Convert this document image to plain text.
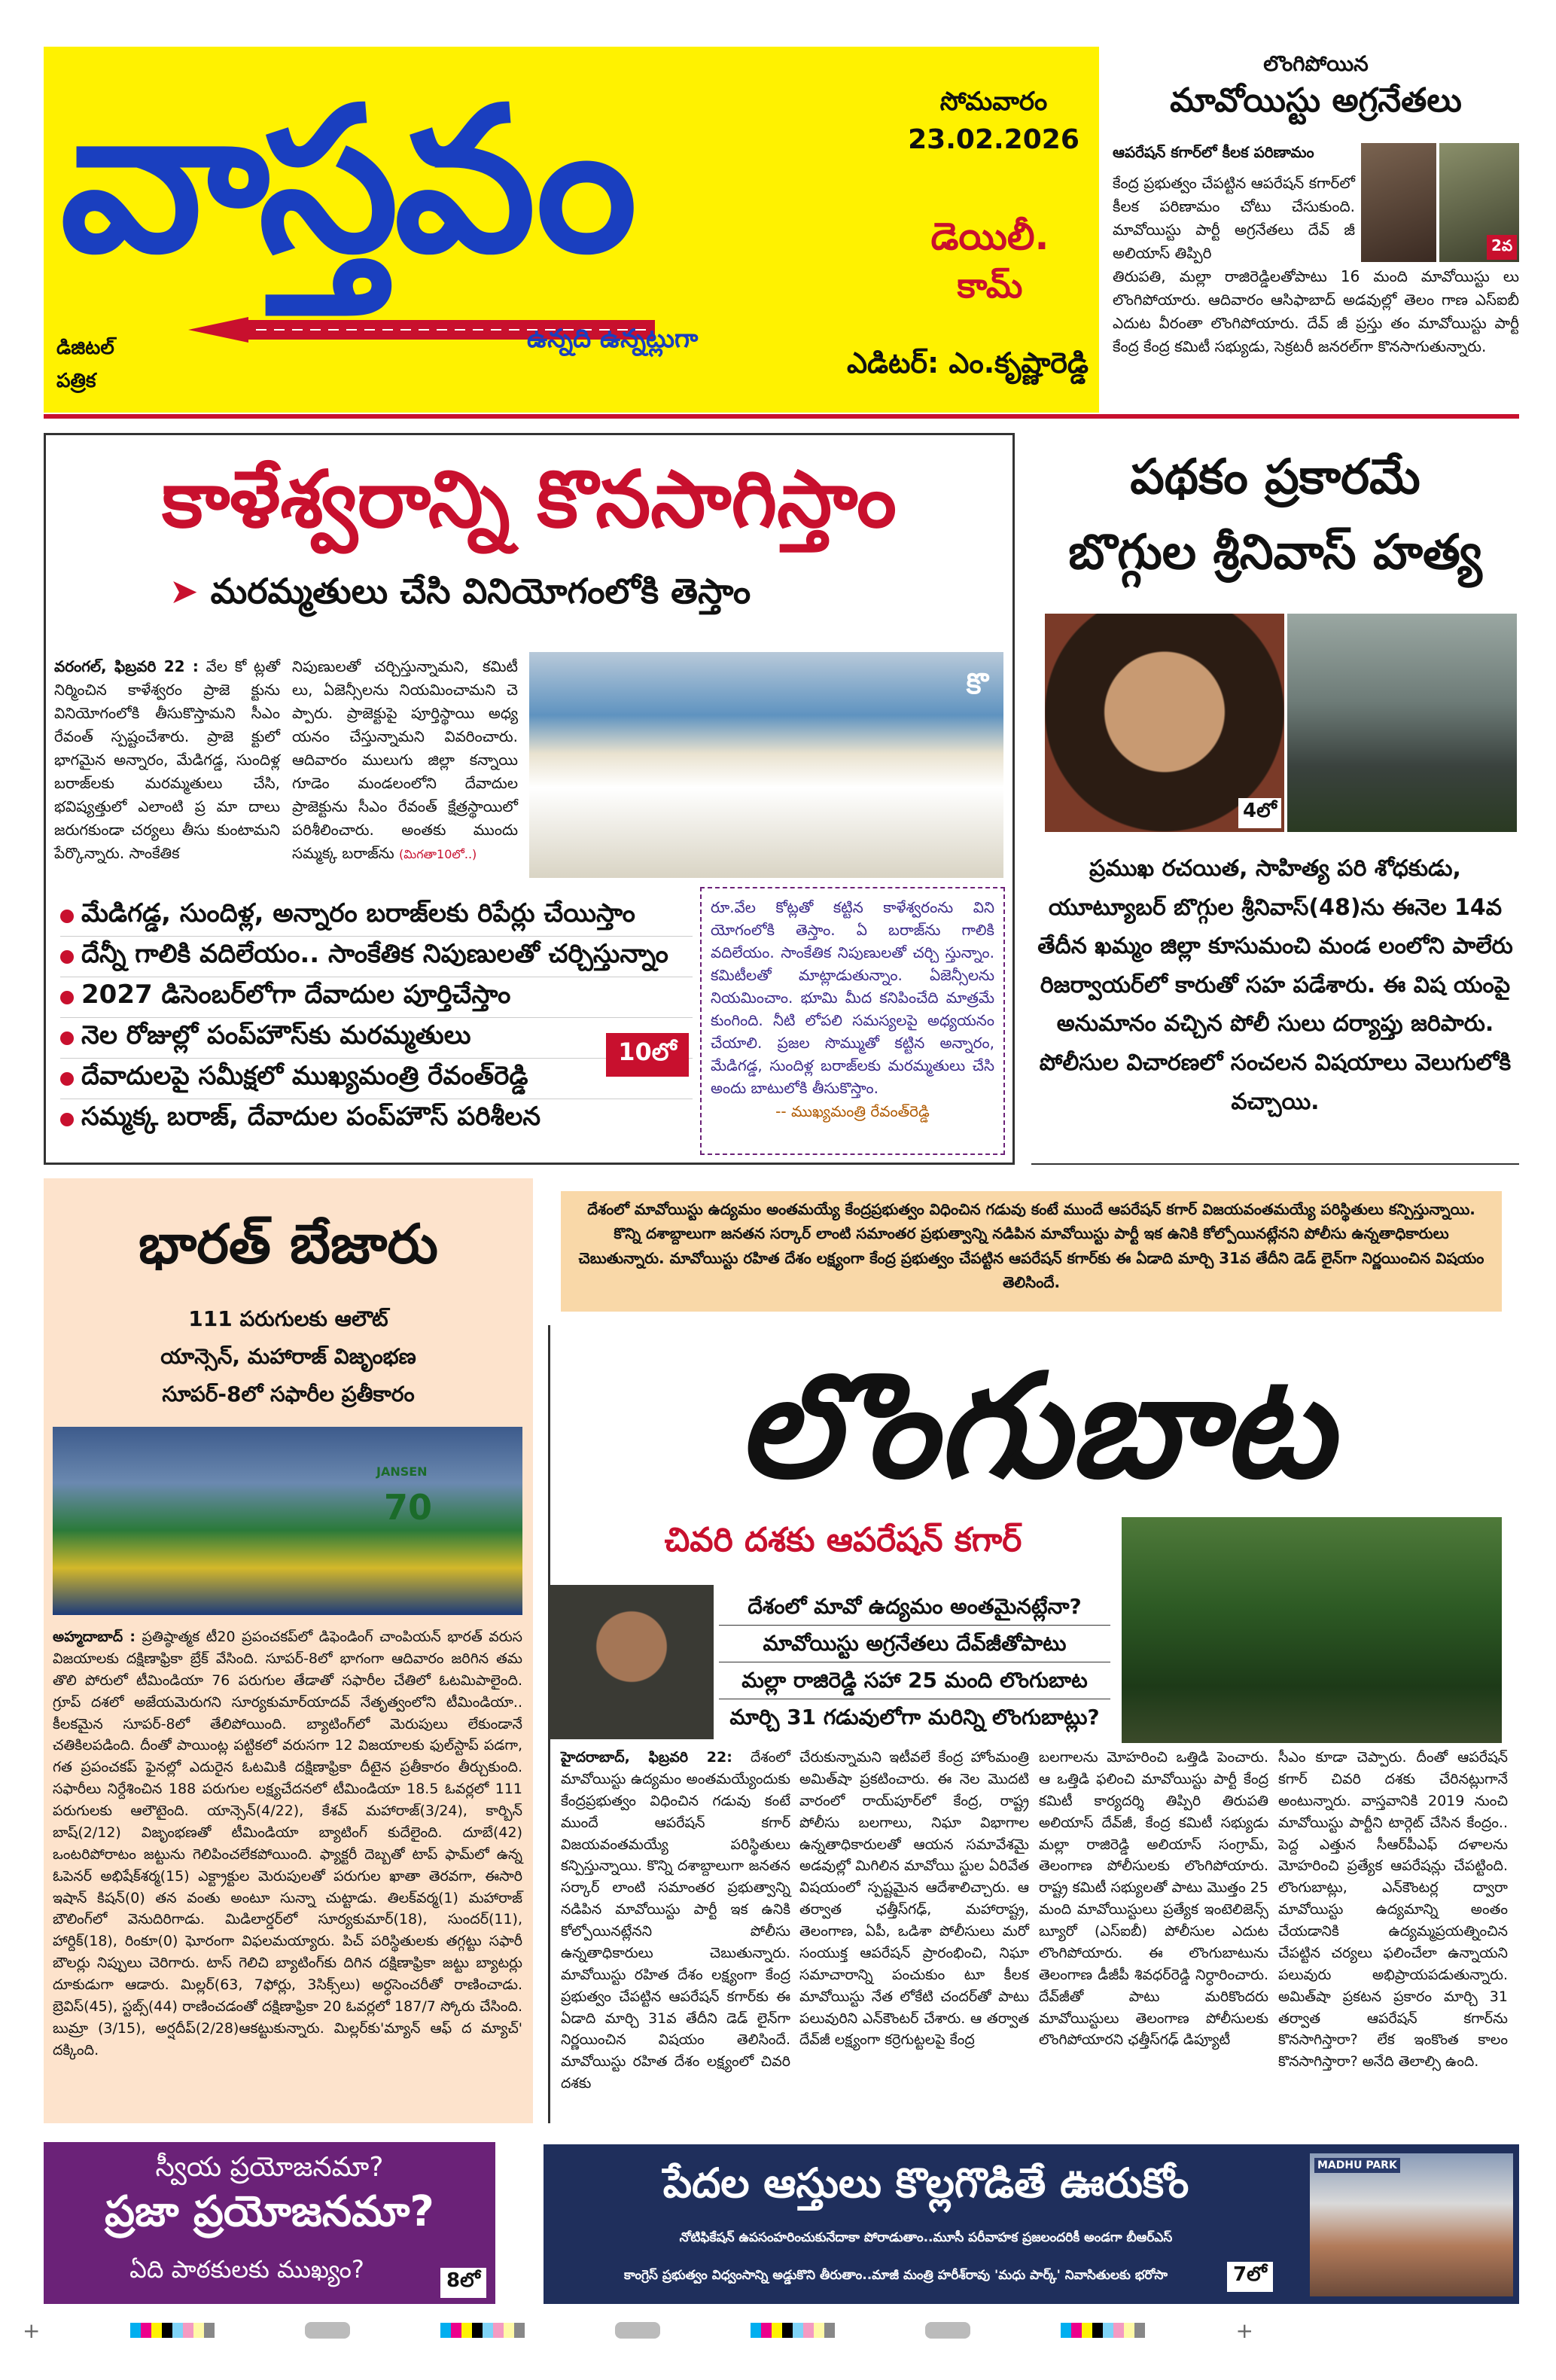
వాస్తవం
ఉన్నది ఉన్నట్లుగా
డిజిటల్
పత్రిక
సోమవారం
23.02.2026
డెయిలీ.
కామ్
ఎడిటర్: ఎం.కృష్ణారెడ్డి
లొంగిపోయిన
మావోయిస్టు అగ్రనేతలు
ఆపరేషన్ కగార్‌లో కీలక పరిణామం
2వ
కేంద్ర ప్రభుత్వం చేపట్టిన ఆపరేషన్ కగార్‌లో కీలక పరిణామం చోటు చేసుకుంది. మావోయిస్టు పార్టీ అగ్రనేతలు దేవ్ జీ అలియాస్ తిప్పిరి
తిరుపతి, మల్లా రాజిరెడ్డిలతోపాటు 16 మంది మావోయిస్టు లు లొంగిపోయారు. ఆదివారం ఆసిఫాబాద్ అడవుల్లో తెలం గాణ ఎస్ఐబీ ఎదుట వీరంతా లొంగిపోయారు. దేవ్ జీ ప్రస్తు తం మావోయిస్టు పార్టీ కేంద్ర కేంద్ర కమిటీ సభ్యుడు, సెక్రటరీ జనరల్‌గా కొనసాగుతున్నారు.
కాళేశ్వరాన్ని కొనసాగిస్తాం
➤ మరమ్మతులు చేసి వినియోగంలోకి తెస్తాం
వరంగల్, ఫిబ్రవరి 22 : వేల కో ట్లతో నిర్మించిన కాళేశ్వరం ప్రాజె క్టును వినియోగంలోకి తీసుకొస్తామని సీఎం రేవంత్ స్పష్టంచేశారు. ప్రాజె క్టులో భాగమైన అన్నారం, మేడిగడ్డ, సుందిళ్ల బరాజ్‌లకు మరమ్మతులు చేసి, భవిష్యత్తులో ఎలాంటి ప్ర మా దాలు జరుగకుండా చర్యలు తీసు కుంటామని పేర్కొన్నారు. సాంకేతిక
నిపుణులతో చర్చిస్తున్నామని, కమిటీ లు, ఏజెన్సీలను నియమించామని చె ప్పారు. ప్రాజెక్టుపై పూర్తిస్థాయి అధ్య యనం చేస్తున్నామని వివరించారు. ఆదివారం ములుగు జిల్లా కన్నాయి గూడెం మండలంలోని దేవాదుల ప్రాజెక్టును సీఎం రేవంత్ క్షేత్రస్థాయిలో పరిశీలించారు. అంతకు ముందు సమ్మక్క బరాజ్‌ను (మిగతా10లో..)
కొ
మేడిగడ్డ, సుందిళ్ల, అన్నారం బరాజ్‌లకు రిపేర్లు చేయిస్తాం
దేన్నీ గాలికి వదిలేయం.. సాంకేతిక నిపుణులతో చర్చిస్తున్నాం
2027 డిసెంబర్‌లోగా దేవాదుల పూర్తిచేస్తాం
నెల రోజుల్లో పంప్‌హౌస్‌కు మరమ్మతులు
దేవాదులపై సమీక్షలో ముఖ్యమంత్రి రేవంత్‌రెడ్డి
సమ్మక్క బరాజ్, దేవాదుల పంప్‌హౌస్ పరిశీలన
10లో
రూ.వేల కోట్లతో కట్టిన కాళేశ్వరంను విని యోగంలోకి తెస్తాం. ఏ బరాజ్‌ను గాలికి వదిలేయం. సాంకేతిక నిపుణులతో చర్చి స్తున్నాం. కమిటీలతో మాట్లాడుతున్నాం. ఏజెన్సీలను నియమించాం. భూమి మీద కనిపించేది మాత్రమే కుంగింది. నీటి లోపలి సమస్యలపై అధ్యయనం చేయాలి. ప్రజల సొమ్ముతో కట్టిన అన్నారం, మేడిగడ్డ, సుందిళ్ల బరాజ్‌లకు మరమ్మతులు చేసి అందు బాటులోకి తీసుకొస్తాం.
-- ముఖ్యమంత్రి రేవంత్‌రెడ్డి
పథకం ప్రకారమే
బొగ్గుల శ్రీనివాస్ హత్య
4లో
ప్రముఖ రచయిత, సాహిత్య పరి శోధకుడు, యూట్యూబర్ బొగ్గుల శ్రీనివాస్(48)ను ఈనెల 14వ తేదీన ఖమ్మం జిల్లా కూసుమంచి మండ లంలోని పాలేరు రిజర్వాయర్‌లో కారుతో సహ పడేశారు. ఈ విష యంపై అనుమానం వచ్చిన పోలీ సులు దర్యాప్తు జరిపారు. పోలీసుల విచారణలో సంచలన విషయాలు వెలుగులోకి వచ్చాయి.
భారత్ బేజారు
111 పరుగులకు ఆలౌట్
యాన్సెన్, మహారాజ్ విజృంభణ
సూపర్-8లో సఫారీల ప్రతీకారం
70
JANSEN
అహ్మదాబాద్ : ప్రతిష్ఠాత్మక టీ20 ప్రపంచకప్‌లో డిఫెండింగ్ చాంపియన్ భారత్ వరుస విజయాలకు దక్షిణాఫ్రికా బ్రేక్ వేసింది. సూపర్-8లో భాగంగా ఆదివారం జరిగిన తమ తొలి పోరులో టీమిండియా 76 పరుగుల తేడాతో సఫారీల చేతిలో ఓటమిపాలైంది. గ్రూప్ దశలో అజేయమెరుగని సూర్యకుమార్‌యాదవ్ నేతృత్వంలోని టీమిండియా.. కీలకమైన సూపర్-8లో తేలిపోయింది. బ్యాటింగ్‌లో మెరుపులు లేకుండానే చతికిలపడింది. దీంతో పాయింట్ల పట్టికలో వరుసగా 12 విజయాలకు ఫుల్‌స్టాప్ పడగా, గత ప్రపంచకప్ ఫైనల్లో ఎదురైన ఓటమికి దక్షిణాఫ్రికా దీటైన ప్రతీకారం తీర్చుకుంది. సఫారీలు నిర్దేశించిన 188 పరుగుల లక్ష్యచేదనలో టీమిండియా 18.5 ఓవర్లలో 111 పరుగులకు ఆలౌటైంది. యాన్సెన్(4/22), కేశవ్ మహారాజ్(3/24), కార్బిన్ బాష్(2/12) విజృంభణతో టీమిండియా బ్యాటింగ్ కుదేలైంది. దూబే(42) ఒంటరిపోరాటం జట్టును గెలిపించలేకపోయింది. ఫ్యాక్టరీ దెబ్బతో టాప్ ఫామ్‌లో ఉన్న ఓపెనర్ అభిషేక్‌శర్మ(15) ఎక్ట్రాక్టుల మెరుపులతో పరుగుల ఖాతా తెరవగా, ఈసారి ఇషాన్ కిషన్(0) తన వంతు అంటూ సున్నా చుట్టాడు. తిలక్‌వర్మ(1) మహారాజ్ బౌలింగ్‌లో వెనుదిరిగాడు. మిడిలార్డర్‌లో సూర్యకుమార్(18), సుందర్(11), హార్దిక్(18), రింకూ(0) ఘోరంగా విఫలమయ్యారు. పిచ్ పరిస్థితులకు తగ్గట్టు సఫారీ బౌలర్లు నిప్పులు చెరిగారు. టాస్ గెలిచి బ్యాటింగ్‌కు దిగిన దక్షిణాఫ్రికా జట్టు బ్యాటర్లు దూకుడుగా ఆడారు. మిల్లర్(63, 7ఫోర్లు, 3సిక్స్‌లు) అర్ధసెంచరీతో రాణించాడు. బ్రెవిస్(45), స్టబ్స్(44) రాణించడంతో దక్షిణాఫ్రికా 20 ఓవర్లలో 187/7 స్కోరు చేసింది. బుమ్రా (3/15), అర్షదీప్(2/28)ఆకట్టుకున్నారు. మిల్లర్‌కు'మ్యాన్ ఆఫ్ ద మ్యాచ్' దక్కింది.
దేశంలో మావోయిస్టు ఉద్యమం అంతమయ్యే కేంద్రప్రభుత్వం విధించిన గడువు కంటే ముందే ఆపరేషన్ కగార్ విజయవంతమయ్యే పరిస్థితులు కన్పిస్తున్నాయి. కొన్ని దశాబ్దాలుగా జనతన సర్కార్ లాంటి సమాంతర ప్రభుత్వాన్ని నడిపిన మావోయిస్టు పార్టీ ఇక ఉనికి కోల్పోయినట్లేనని పోలీసు ఉన్నతాధికారులు చెబుతున్నారు. మావోయిస్టు రహిత దేశం లక్ష్యంగా కేంద్ర ప్రభుత్వం చేపట్టిన ఆపరేషన్ కగార్‌కు ఈ ఏడాది మార్చి 31వ తేదీని డెడ్ లైన్‌గా నిర్ణయించిన విషయం తెలిసిందే.
లొంగుబాట
చివరి దశకు ఆపరేషన్ కగార్
దేశంలో మావో ఉద్యమం అంతమైనట్లేనా?
మావోయిస్టు అగ్రనేతలు దేవ్‌జీతోపాటు
మల్లా రాజిరెడ్డి సహా 25 మంది లొంగుబాట
మార్చి 31 గడువులోగా మరిన్ని లొంగుబాట్లు?
హైదరాబాద్, ఫిబ్రవరి 22: దేశంలో మావోయిస్టు ఉద్యమం అంతమయ్యేందుకు కేంద్రప్రభుత్వం విధించిన గడువు కంటే ముందే ఆపరేషన్ కగార్ విజయవంతమయ్యే పరిస్థితులు కన్పిస్తున్నాయి. కొన్ని దశాబ్దాలుగా జనతన సర్కార్ లాంటి సమాంతర ప్రభుత్వాన్ని నడిపిన మావోయిస్టు పార్టీ ఇక ఉనికి కోల్పోయినట్లేనని పోలీసు ఉన్నతాధికారులు చెబుతున్నారు. మావోయిస్టు రహిత దేశం లక్ష్యంగా కేంద్ర ప్రభుత్వం చేపట్టిన ఆపరేషన్ కగార్‌కు ఈ ఏడాది మార్చి 31వ తేదీని డెడ్ లైన్‌గా నిర్ణయించిన విషయం తెలిసిందే. మావోయిస్టు రహిత దేశం లక్ష్యంలో చివరి దశకు
చేరుకున్నామని ఇటీవలే కేంద్ర హోంమంత్రి అమిత్‌షా ప్రకటించారు. ఈ నెల మొదటి వారంలో రాయ్‌పూర్‌లో కేంద్ర, రాష్ట్ర పోలీసు బలగాలు, నిఘా విభాగాల ఉన్నతాధికారులతో ఆయన సమావేశమై అడవుల్లో మిగిలిన మావోయి స్టుల ఏరివేత విషయంలో స్పష్టమైన ఆదేశాలిచ్చారు. ఆ తర్వాత ఛత్తీస్‌గఢ్, మహారాష్ట్ర, తెలంగాణ, ఏపీ, ఒడిశా పోలీసులు మరో సంయుక్త ఆపరేషన్ ప్రారంభించి, నిఘా సమాచారాన్ని పంచుకుం టూ కీలక మావోయిస్టు నేత లోకేటి చందర్‌తో పాటు పలువురిని ఎన్‌కౌంటర్ చేశారు. ఆ తర్వాత దేవ్‌జీ లక్ష్యంగా కర్రెగుట్టలపై కేంద్ర
బలగాలను మోహరించి ఒత్తిడి పెంచారు. ఆ ఒత్తిడి ఫలించి మావోయిస్టు పార్టీ కేంద్ర కమిటీ కార్యదర్శి తిప్పిరి తిరుపతి అలియాస్ దేవ్‌జీ, కేంద్ర కమిటీ సభ్యుడు మల్లా రాజిరెడ్డి అలియాస్ సంగ్రామ్, తెలంగాణ పోలీసులకు లొంగిపోయారు. రాష్ట్ర కమిటీ సభ్యులతో పాటు మొత్తం 25 మంది మావోయిస్టులు ప్రత్యేక ఇంటెలిజెన్స్ బ్యూరో (ఎస్ఐబీ) పోలీసుల ఎదుట లొంగిపోయారు. ఈ లొంగుబాటును తెలంగాణ డీజీపీ శివధర్‌రెడ్డి నిర్ధారించారు. దేవ్‌జీతో పాటు మరికొందరు మావోయిస్టులు తెలంగాణ పోలీసులకు లొంగిపోయారని ఛత్తీస్‌గఢ్ డిప్యూటీ
సీఎం కూడా చెప్పారు. దీంతో ఆపరేషన్ కగార్ చివరి దశకు చేరినట్లుగానే అంటున్నారు. వాస్తవానికి 2019 నుంచి మావోయిస్టు పార్టీని టార్గెట్ చేసిన కేంద్రం.. పెద్ద ఎత్తున సీఆర్‌పీఎఫ్ దళాలను మోహరించి ప్రత్యేక ఆపరేషన్లు చేపట్టింది. లొంగుబాట్లు, ఎన్‌కౌంటర్ల ద్వారా మావోయిస్టు ఉద్యమాన్ని అంతం చేయడానికి ఉద్యమ్మప్రయత్నించిన చేపట్టిన చర్యలు ఫలించేలా ఉన్నాయని పలువురు అభిప్రాయపడుతున్నారు. అమిత్‌షా ప్రకటన ప్రకారం మార్చి 31 తర్వాత ఆపరేషన్ కగార్‌ను కొనసాగిస్తారా? లేక ఇంకొంత కాలం కొనసాగిస్తారా? అనేది తెలాల్సి ఉంది.
స్వీయ ప్రయోజనమా?
ప్రజా ప్రయోజనమా?
ఏది పాఠకులకు ముఖ్యం?	8లో
పేదల ఆస్తులు కొల్లగొడితే ఊరుకోం
నోటిఫికేషన్ ఉపసంహరించుకునేదాకా పోరాడుతాం..మూసీ పరీవాహక ప్రజలందరికీ అండగా బీఆర్ఎస్
కాంగ్రెస్ ప్రభుత్వం విధ్వంసాన్ని అడ్డుకొని తీరుతాం..మాజీ మంత్రి హరీశ్‌రావు 'మధు పార్క్' నివాసితులకు భరోసా	7లో
MADHU PARK
+	+
